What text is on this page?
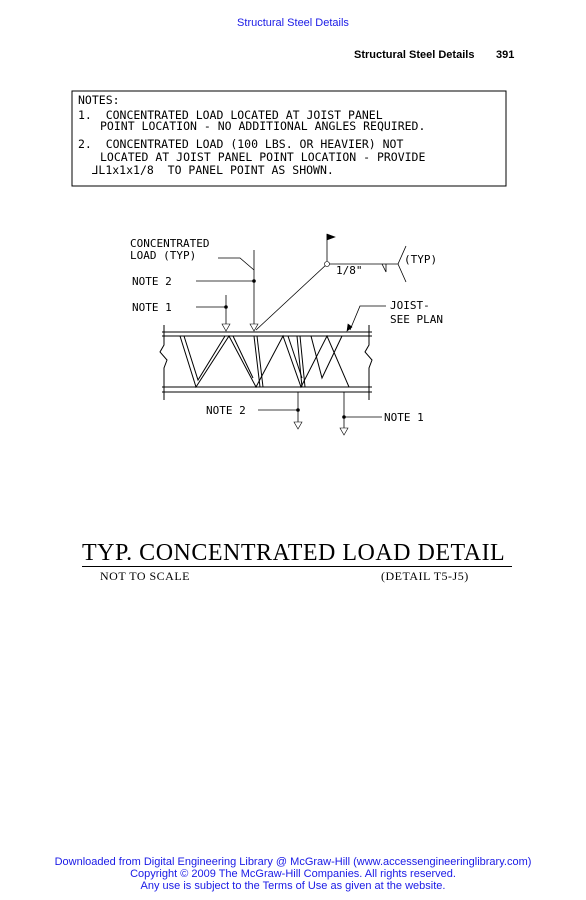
Structural Steel Details
Structural Steel Details 391
NOTES:
1.  CONCENTRATED LOAD LOCATED AT JOIST PANEL
POINT LOCATION - NO ADDITIONAL ANGLES REQUIRED.
2.  CONCENTRATED LOAD (100 LBS. OR HEAVIER) NOT
LOCATED AT JOIST PANEL POINT LOCATION - PROVIDE
⅃L1x1x1/8  TO PANEL POINT AS SHOWN.
CONCENTRATED
LOAD (TYP)
NOTE 2
NOTE 1
1/8"
(TYP)
JOIST-
SEE PLAN
NOTE 2
NOTE 1
TYP. CONCENTRATED LOAD DETAIL
NOT TO SCALE	(DETAIL T5-J5)
Downloaded from Digital Engineering Library @ McGraw-Hill (www.accessengineeringlibrary.com)
Copyright © 2009 The McGraw-Hill Companies. All rights reserved.
Any use is subject to the Terms of Use as given at the website.
